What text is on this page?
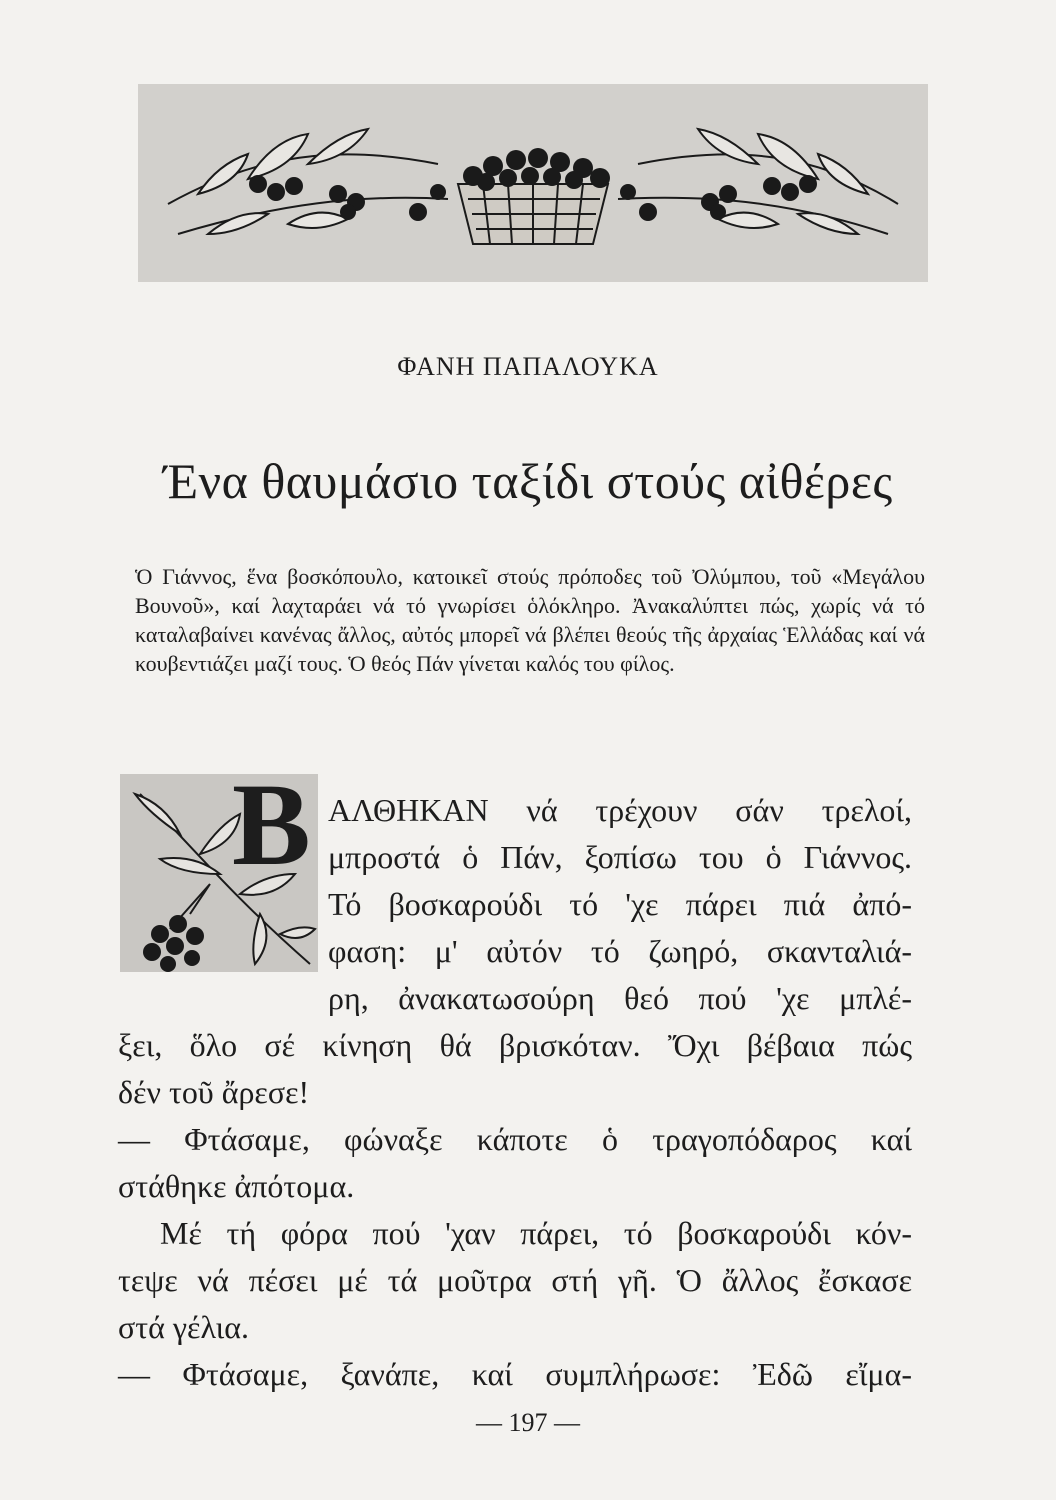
ΦΑΝΗ ΠΑΠΑΛΟΥΚΑ
Ένα θαυμάσιο ταξίδι στούς αἰθέρες
Ὁ Γιάννος, ἕνα βοσκόπουλο, κατοικεῖ στούς πρόποδες τοῦ Ὀλύμπου, τοῦ «Μεγάλου Βουνοῦ», καί λαχταράει νά τό γνωρίσει ὁλόκληρο. Ἀνακαλύπτει πώς, χωρίς νά τό καταλαβαίνει κανένας ἄλλος, αὐτός μπορεῖ νά βλέπει θεούς τῆς ἀρχαίας Ἑλλάδας καί νά κουβεντιάζει μαζί τους. Ὁ θεός Πάν γίνεται καλός του φίλος.
Β ΑΛΘΗΚΑΝ νά τρέχουν σάν τρελοί,
μπροστά ὁ Πάν, ξοπίσω του ὁ Γιάννος.
Τό βοσκαρούδι τό 'χε πάρει πιά ἀπό-
φαση: μ' αὐτόν τό ζωηρό, σκανταλιά-
ρη, ἀνακατωσούρη θεό πού 'χε μπλέ-
ξει, ὅλο σέ κίνηση θά βρισκόταν. Ὄχι βέβαια πώς
δέν τοῦ ἄρεσε!
— Φτάσαμε, φώναξε κάποτε ὁ τραγοπόδαρος καί
στάθηκε ἀπότομα.
Μέ τή φόρα πού 'χαν πάρει, τό βοσκαρούδι κόν-
τεψε νά πέσει μέ τά μοῦτρα στή γῆ. Ὁ ἄλλος ἔσκασε
στά γέλια.
— Φτάσαμε, ξανάπε, καί συμπλήρωσε: Ἐδῶ εἴμα-
— 197 —
